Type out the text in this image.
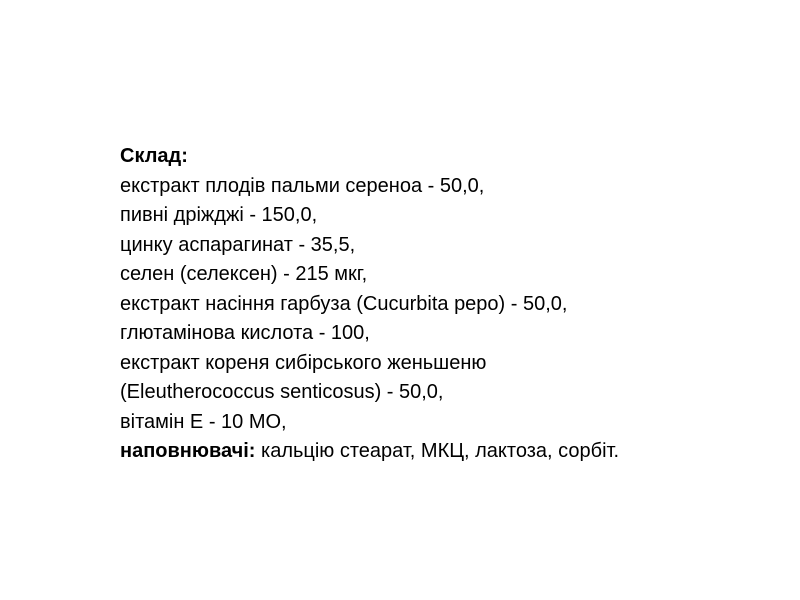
Склад:
екстракт плодів пальми сереноа - 50,0,
пивні дріжджі - 150,0,
цинку аспарагинат - 35,5,
селен (селексен) - 215 мкг,
екстракт насіння гарбуза (Cucurbita pepo) - 50,0,
глютамінова кислота - 100,
екстракт кореня сибірського женьшеню
(Eleutherococcus senticosus) - 50,0,
вітамін Е - 10 МО,
наповнювачі: кальцію стеарат, МКЦ, лактоза, сорбіт.
